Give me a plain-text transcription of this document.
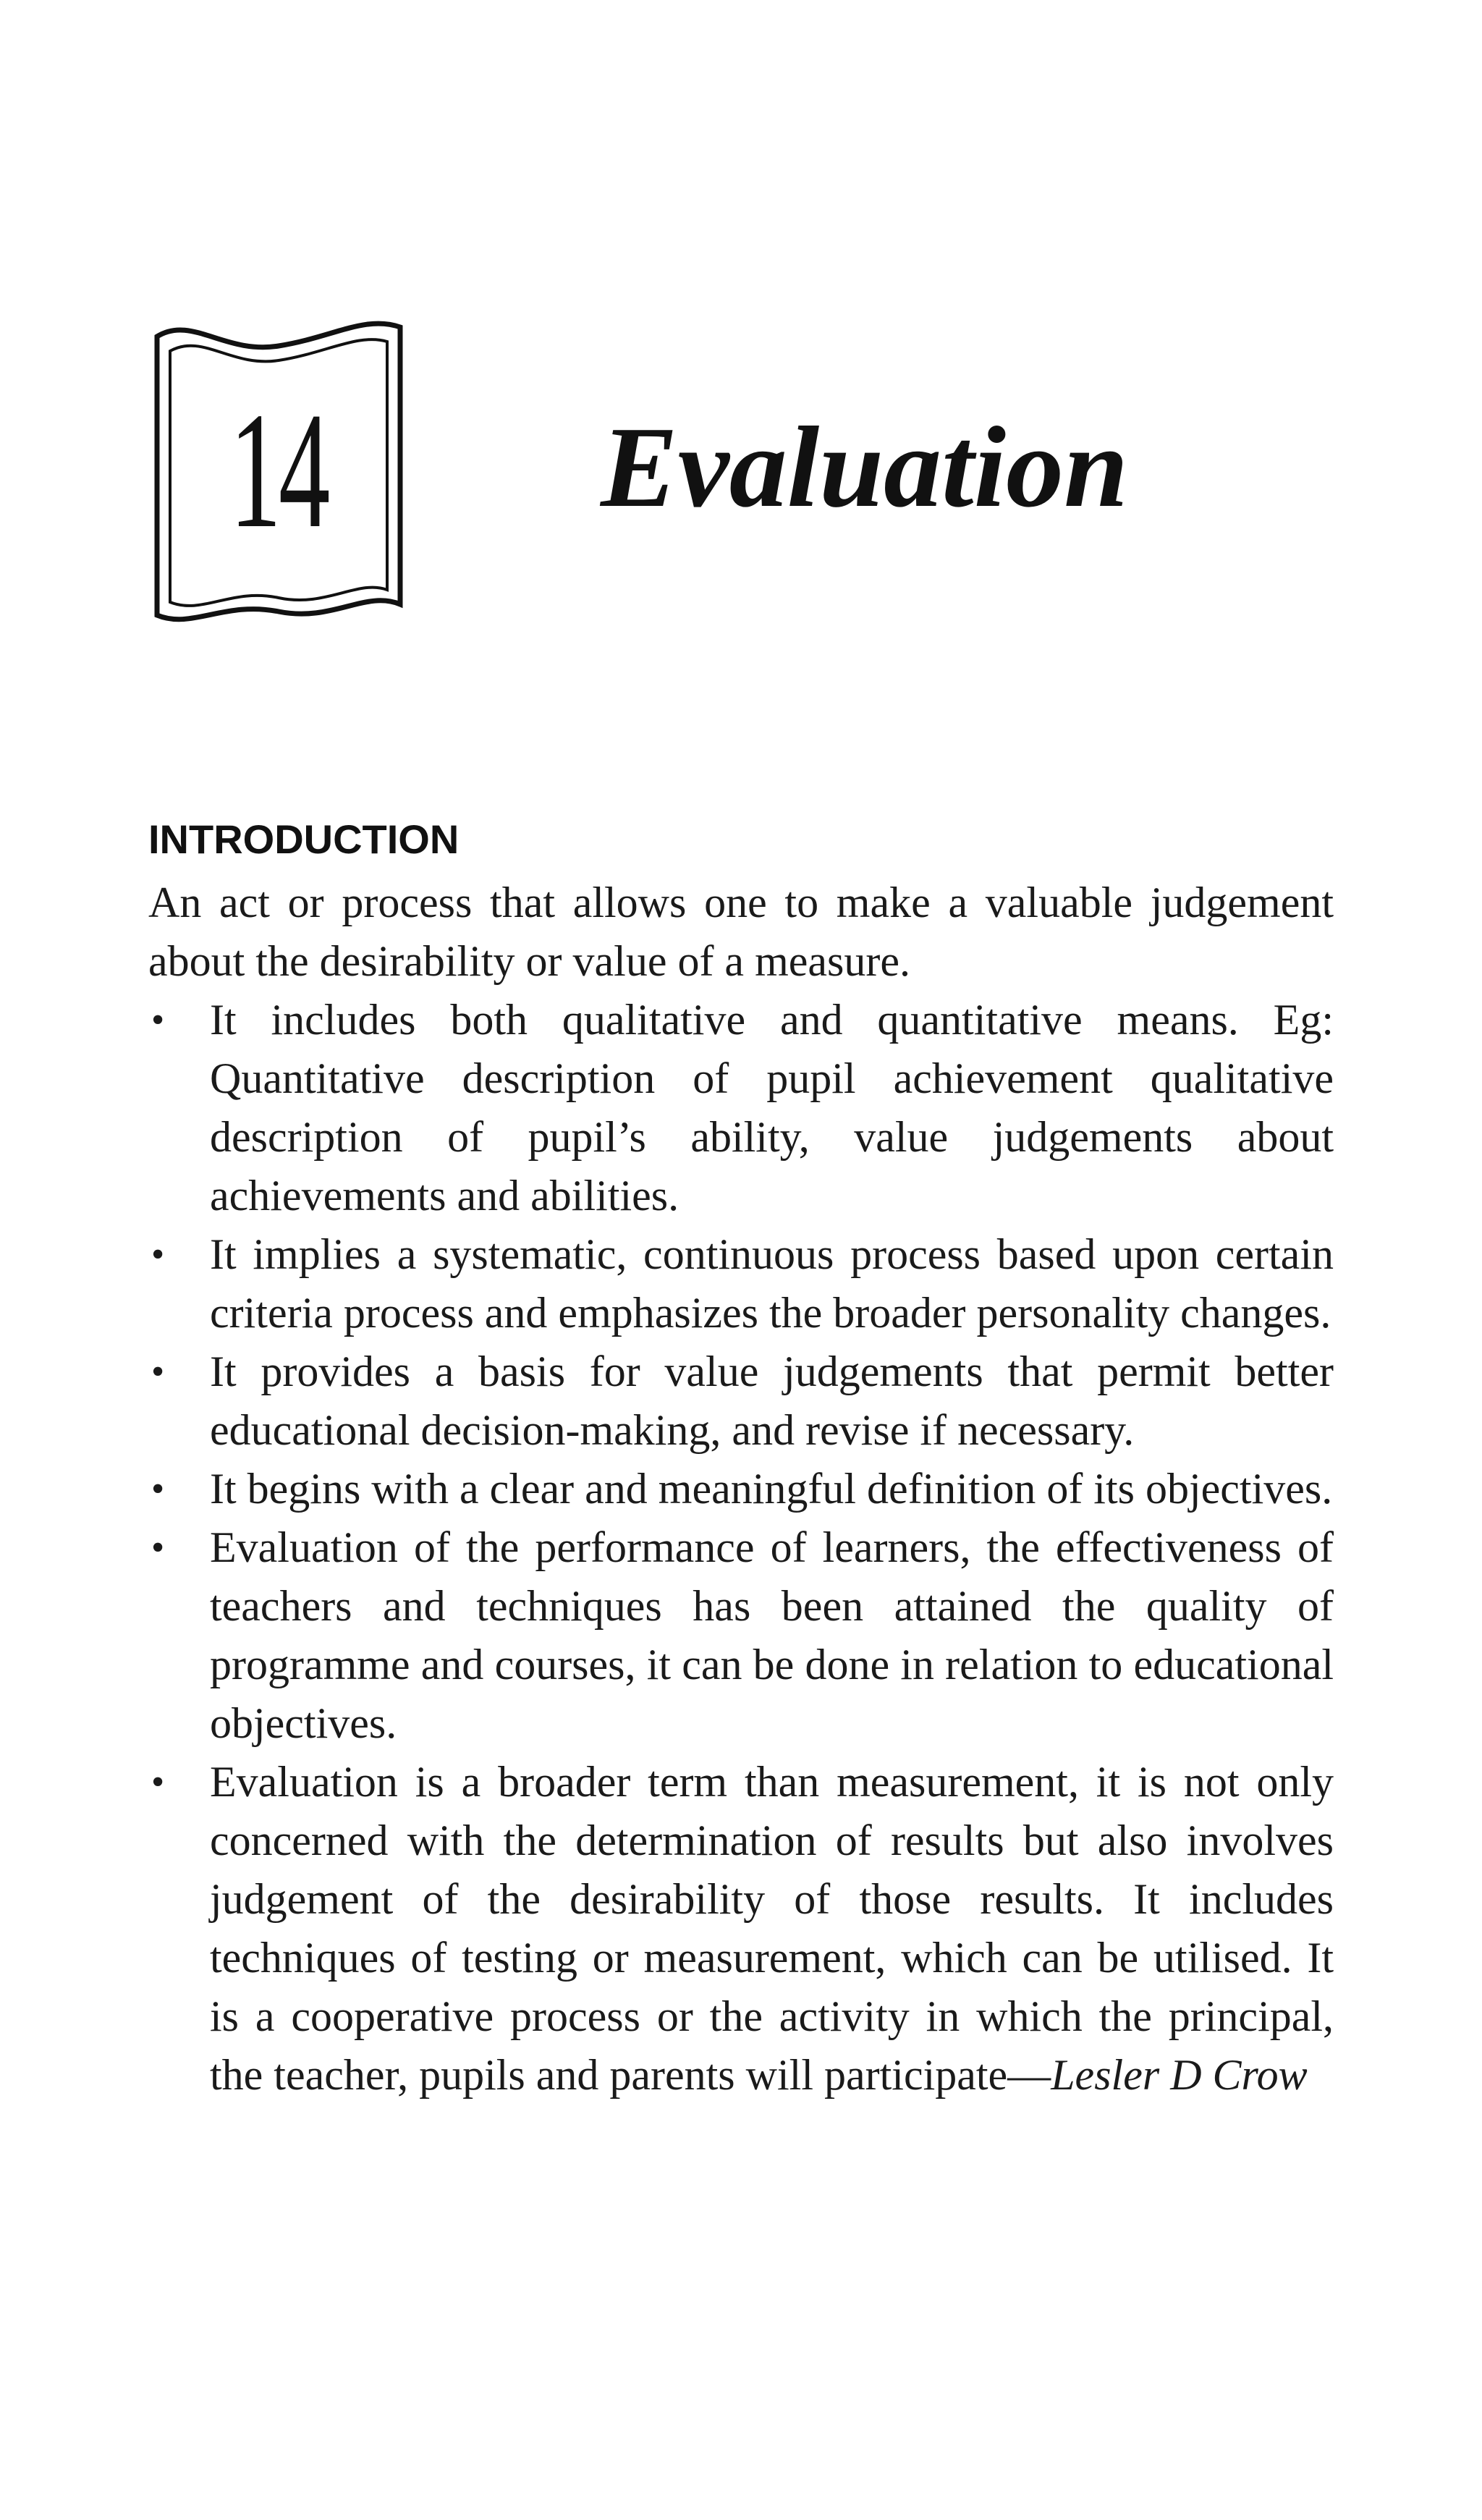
14 Evaluation
INTRODUCTION

An act or process that allows one to make a valuable judgement about the desirability or value of a measure.

• It includes both qualitative and quantitative means. Eg: Quantitative description of pupil achievement qualitative description of pupil’s ability, value judgements about achievements and abilities.
• It implies a systematic, continuous process based upon certain criteria process and emphasizes the broader personality changes.
• It provides a basis for value judgements that permit better educational decision-making, and revise if necessary.
• It begins with a clear and meaningful definition of its objectives.
• Evaluation of the performance of learners, the effectiveness of teachers and techniques has been attained the quality of programme and courses, it can be done in relation to educational objectives.
• Evaluation is a broader term than measurement, it is not only concerned with the determination of results but also involves judgement of the desirability of those results. It includes techniques of testing or measurement, which can be utilised. It is a cooperative process or the activity in which the principal, the teacher, pupils and parents will participate—Lesler D Crow
